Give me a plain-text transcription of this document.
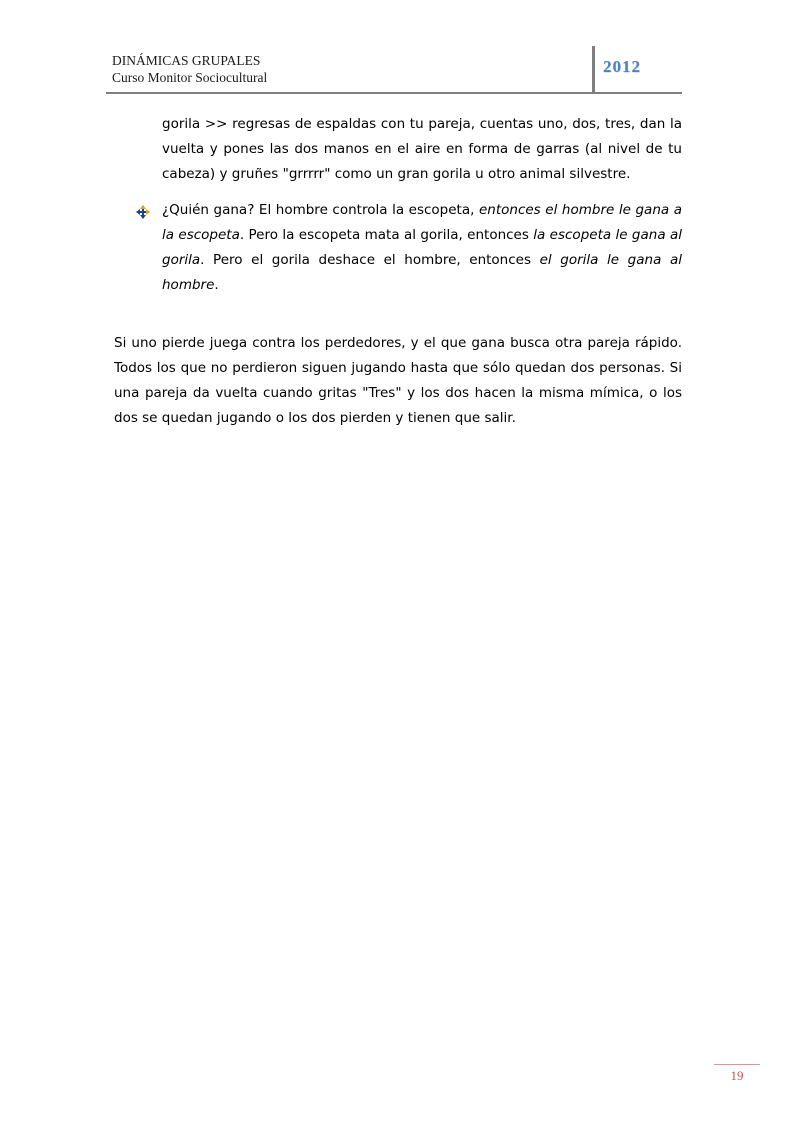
DINÁMICAS GRUPALES
Curso Monitor Sociocultural
2012
gorila >> regresas de espaldas con tu pareja, cuentas uno, dos, tres, dan la vuelta y pones las dos manos en el aire en forma de garras (al nivel de tu cabeza) y gruñes "grrrrr" como un gran gorila u otro animal silvestre.
¿Quién gana? El hombre controla la escopeta, entonces el hombre le gana a la escopeta. Pero la escopeta mata al gorila, entonces la escopeta le gana al gorila. Pero el gorila deshace el hombre, entonces el gorila le gana al hombre.
Si uno pierde juega contra los perdedores, y el que gana busca otra pareja rápido. Todos los que no perdieron siguen jugando hasta que sólo quedan dos personas. Si una pareja da vuelta cuando gritas "Tres" y los dos hacen la misma mímica, o los dos se quedan jugando o los dos pierden y tienen que salir.
19
